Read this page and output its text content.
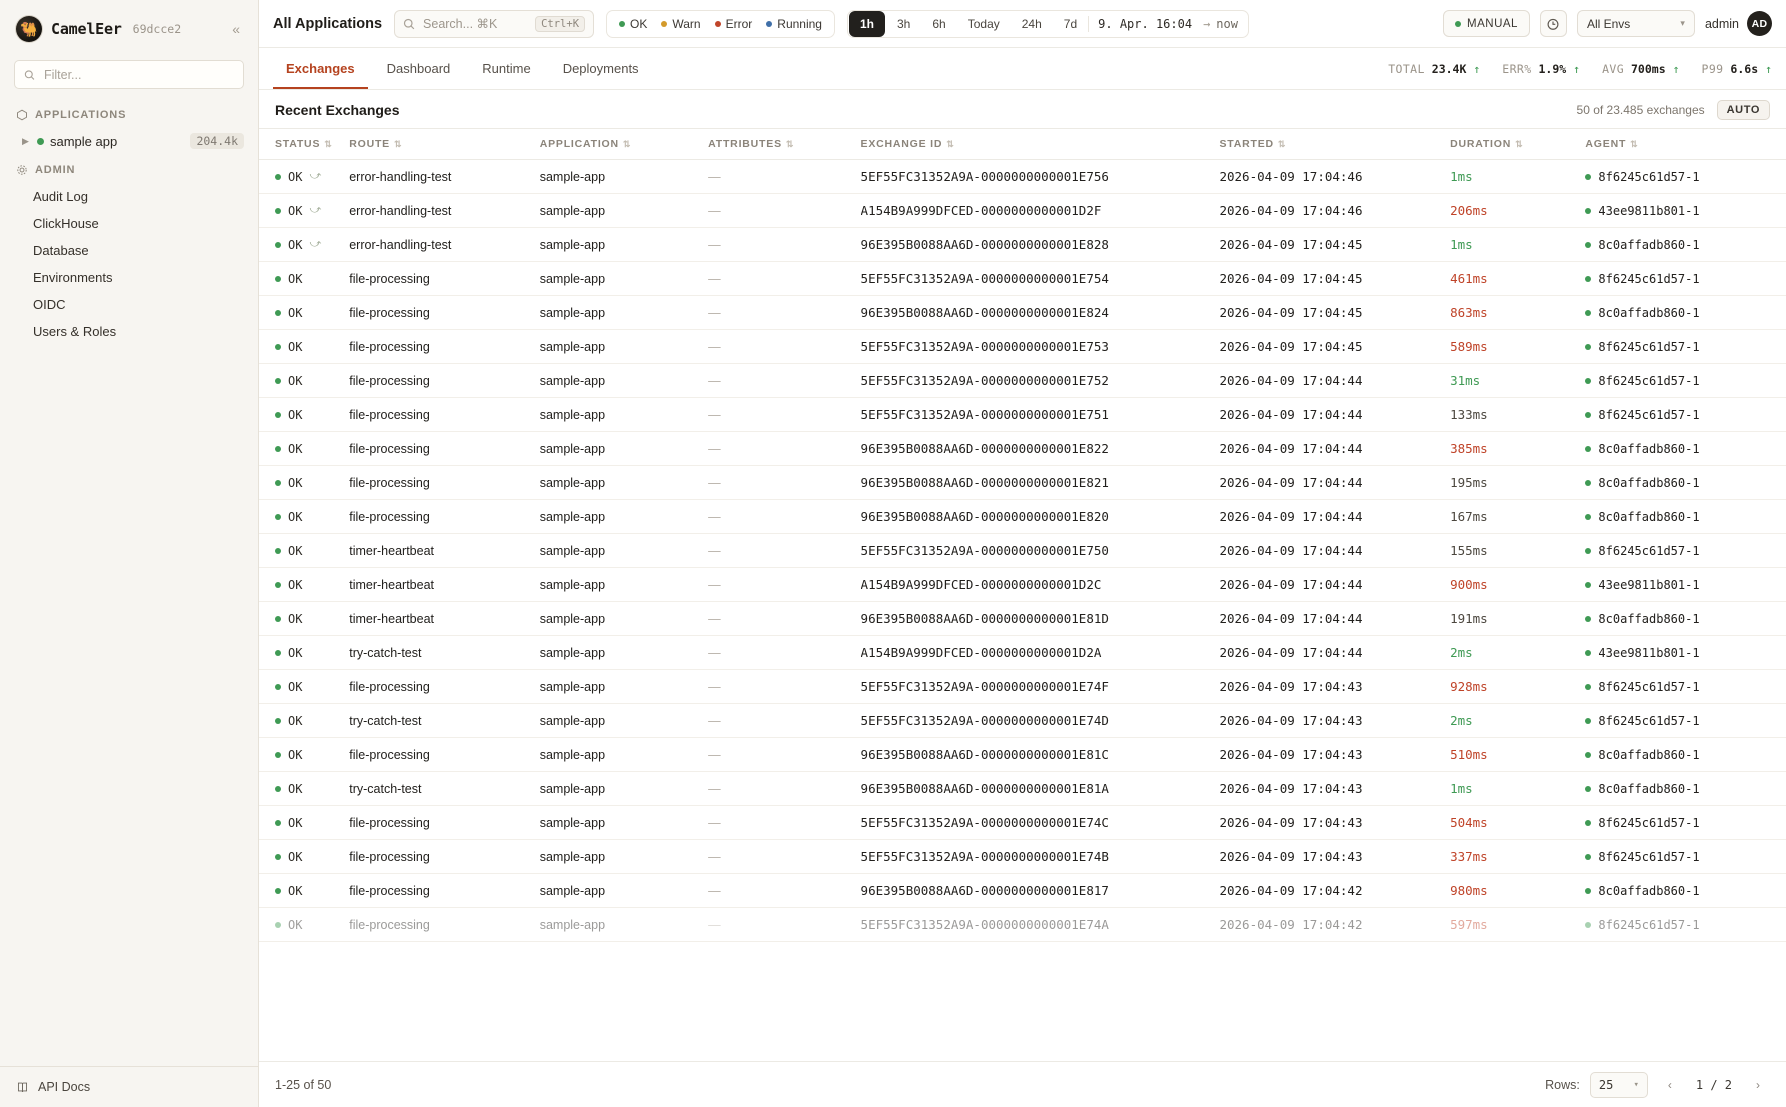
🐫 CamelEer 69dcce2	«
Filter...
APPLICATIONS
▶ sample app	204.4k
ADMIN
Audit Log
ClickHouse
Database
Environments
OIDC
Users & Roles
API Docs
All Applications	Search... ⌘K	Ctrl+K	OK Warn Error Running	1h	3h	6h	Today	24h	7d	9. Apr. 16:04 → now	MANUAL	All Envs	▾ admin	AD
Exchanges	Dashboard	Runtime	Deployments	TOTAL 23.4K ↑ ERR% 1.9% ↑ AVG 700ms ↑ P99 6.6s ↑
Recent Exchanges	50 of 23.485 exchanges	AUTO
STATUS ⇅	ROUTE ⇅	APPLICATION ⇅	ATTRIBUTES ⇅	EXCHANGE ID ⇅	STARTED ⇅	DURATION ⇅	AGENT ⇅

OK ⤻	error-handling-test	sample-app	—	5EF55FC31352A9A-0000000000001E756	2026-04-09 17:04:46	1ms	8f6245c61d57-1

OK ⤻	error-handling-test	sample-app	—	A154B9A999DFCED-0000000000001D2F	2026-04-09 17:04:46	206ms	43ee9811b801-1

OK ⤻	error-handling-test	sample-app	—	96E395B0088AA6D-0000000000001E828	2026-04-09 17:04:45	1ms	8c0affadb860-1

OK	file-processing	sample-app	—	5EF55FC31352A9A-0000000000001E754	2026-04-09 17:04:45	461ms	8f6245c61d57-1

OK	file-processing	sample-app	—	96E395B0088AA6D-0000000000001E824	2026-04-09 17:04:45	863ms	8c0affadb860-1

OK	file-processing	sample-app	—	5EF55FC31352A9A-0000000000001E753	2026-04-09 17:04:45	589ms	8f6245c61d57-1

OK	file-processing	sample-app	—	5EF55FC31352A9A-0000000000001E752	2026-04-09 17:04:44	31ms	8f6245c61d57-1

OK	file-processing	sample-app	—	5EF55FC31352A9A-0000000000001E751	2026-04-09 17:04:44	133ms	8f6245c61d57-1

OK	file-processing	sample-app	—	96E395B0088AA6D-0000000000001E822	2026-04-09 17:04:44	385ms	8c0affadb860-1

OK	file-processing	sample-app	—	96E395B0088AA6D-0000000000001E821	2026-04-09 17:04:44	195ms	8c0affadb860-1

OK	file-processing	sample-app	—	96E395B0088AA6D-0000000000001E820	2026-04-09 17:04:44	167ms	8c0affadb860-1

OK	timer-heartbeat	sample-app	—	5EF55FC31352A9A-0000000000001E750	2026-04-09 17:04:44	155ms	8f6245c61d57-1

OK	timer-heartbeat	sample-app	—	A154B9A999DFCED-0000000000001D2C	2026-04-09 17:04:44	900ms	43ee9811b801-1

OK	timer-heartbeat	sample-app	—	96E395B0088AA6D-0000000000001E81D	2026-04-09 17:04:44	191ms	8c0affadb860-1

OK	try-catch-test	sample-app	—	A154B9A999DFCED-0000000000001D2A	2026-04-09 17:04:44	2ms	43ee9811b801-1

OK	file-processing	sample-app	—	5EF55FC31352A9A-0000000000001E74F	2026-04-09 17:04:43	928ms	8f6245c61d57-1

OK	try-catch-test	sample-app	—	5EF55FC31352A9A-0000000000001E74D	2026-04-09 17:04:43	2ms	8f6245c61d57-1

OK	file-processing	sample-app	—	96E395B0088AA6D-0000000000001E81C	2026-04-09 17:04:43	510ms	8c0affadb860-1

OK	try-catch-test	sample-app	—	96E395B0088AA6D-0000000000001E81A	2026-04-09 17:04:43	1ms	8c0affadb860-1

OK	file-processing	sample-app	—	5EF55FC31352A9A-0000000000001E74C	2026-04-09 17:04:43	504ms	8f6245c61d57-1

OK	file-processing	sample-app	—	5EF55FC31352A9A-0000000000001E74B	2026-04-09 17:04:43	337ms	8f6245c61d57-1

OK	file-processing	sample-app	—	96E395B0088AA6D-0000000000001E817	2026-04-09 17:04:42	980ms	8c0affadb860-1

OK	file-processing	sample-app	—	5EF55FC31352A9A-0000000000001E74A	2026-04-09 17:04:42	597ms	8f6245c61d57-1
1-25 of 50	Rows: 25	▾	‹	1 / 2	›
